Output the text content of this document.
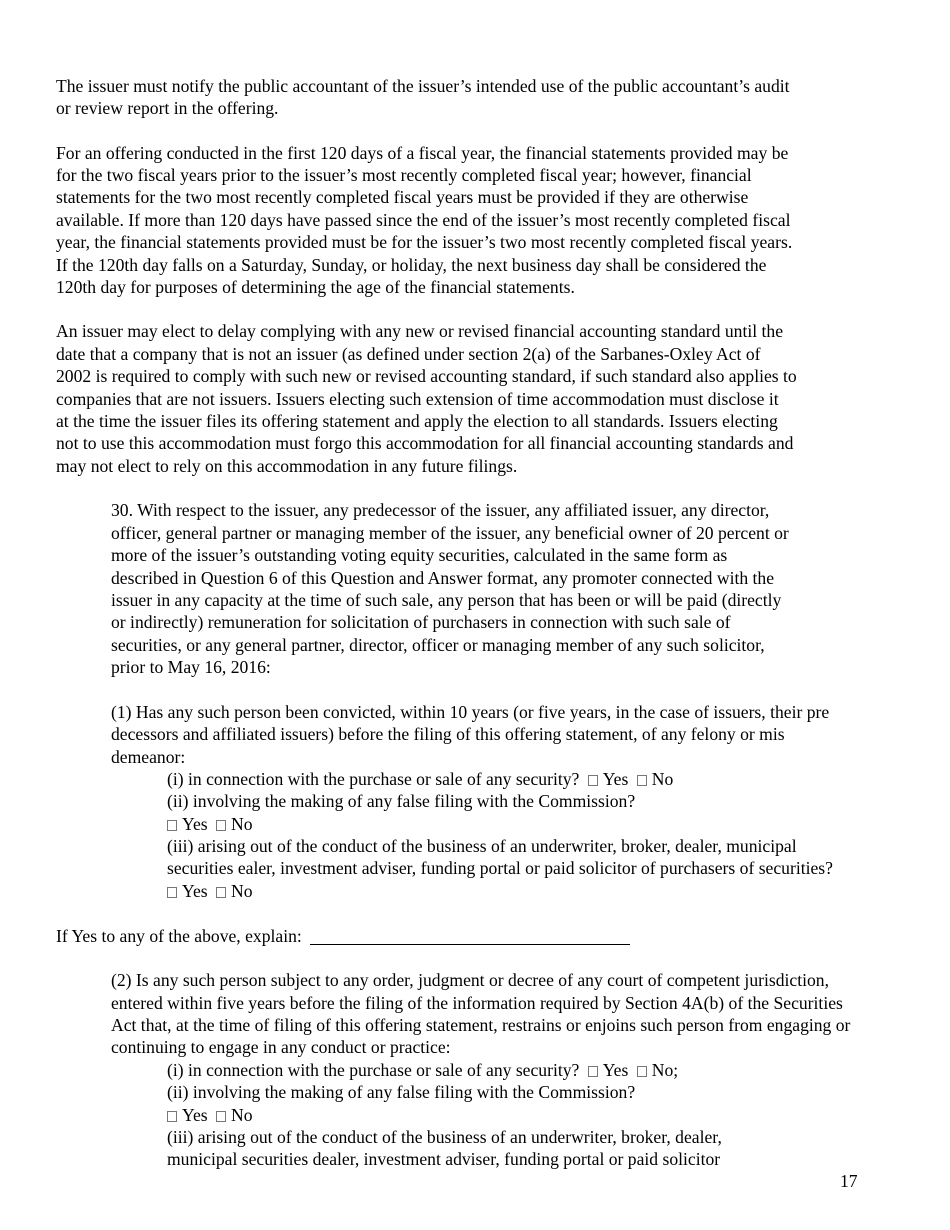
The issuer must notify the public accountant of the issuer’s intended use of the public accountant’s audit
or review report in the offering.
For an offering conducted in the first 120 days of a fiscal year, the financial statements provided may be
for the two fiscal years prior to the issuer’s most recently completed fiscal year; however, financial
statements for the two most recently completed fiscal years must be provided if they are otherwise
available. If more than 120 days have passed since the end of the issuer’s most recently completed fiscal
year, the financial statements provided must be for the issuer’s two most recently completed fiscal years.
If the 120th day falls on a Saturday, Sunday, or holiday, the next business day shall be considered the
120th day for purposes of determining the age of the financial statements.
An issuer may elect to delay complying with any new or revised financial accounting standard until the
date that a company that is not an issuer (as defined under section 2(a) of the Sarbanes-Oxley Act of
2002 is required to comply with such new or revised accounting standard, if such standard also applies to
companies that are not issuers. Issuers electing such extension of time accommodation must disclose it
at the time the issuer files its offering statement and apply the election to all standards. Issuers electing
not to use this accommodation must forgo this accommodation for all financial accounting standards and
may not elect to rely on this accommodation in any future filings.
30. With respect to the issuer, any predecessor of the issuer, any affiliated issuer, any director,
officer, general partner or managing member of the issuer, any beneficial owner of 20 percent or
more of the issuer’s outstanding voting equity securities, calculated in the same form as
described in Question 6 of this Question and Answer format, any promoter connected with the
issuer in any capacity at the time of such sale, any person that has been or will be paid (directly
or indirectly) remuneration for solicitation of purchasers in connection with such sale of
securities, or any general partner, director, officer or managing member of any such solicitor,
prior to May 16, 2016:
(1) Has any such person been convicted, within 10 years (or five years, in the case of issuers, their pre
decessors and affiliated issuers) before the filing of this offering statement, of any felony or mis
demeanor:
(i) in connection with the purchase or sale of any security? Yes No
(ii) involving the making of any false filing with the Commission?
Yes No
(iii) arising out of the conduct of the business of an underwriter, broker, dealer, municipal
securities ealer, investment adviser, funding portal or paid solicitor of purchasers of securities?
Yes No
If Yes to any of the above, explain:
(2) Is any such person subject to any order, judgment or decree of any court of competent jurisdiction,
entered within five years before the filing of the information required by Section 4A(b) of the Securities
Act that, at the time of filing of this offering statement, restrains or enjoins such person from engaging or
continuing to engage in any conduct or practice:
(i) in connection with the purchase or sale of any security? Yes No;
(ii) involving the making of any false filing with the Commission?
Yes No
(iii) arising out of the conduct of the business of an underwriter, broker, dealer,
municipal securities dealer, investment adviser, funding portal or paid solicitor
17
